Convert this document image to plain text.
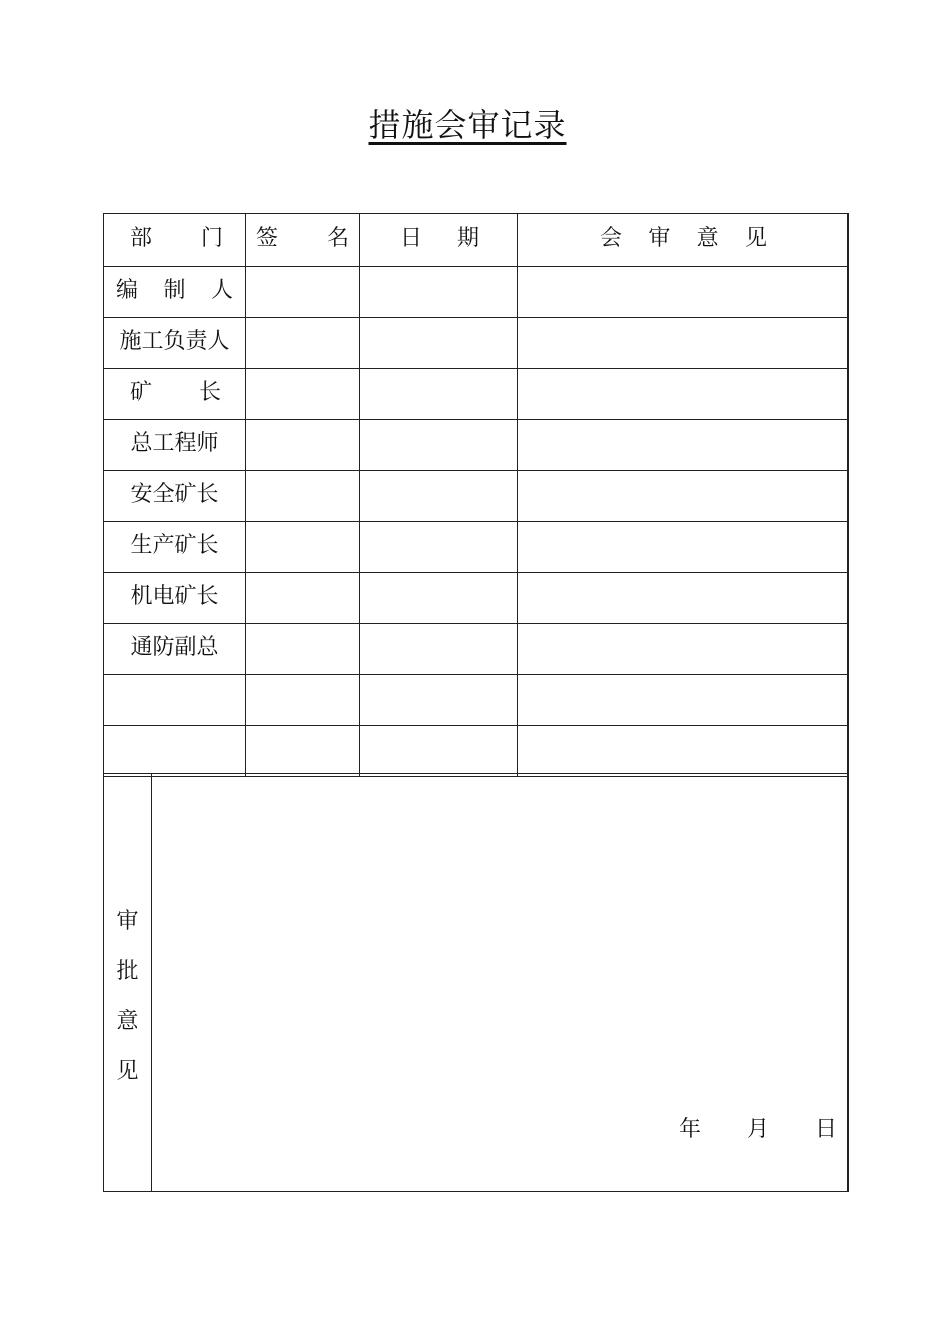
措施会审记录
部 门	签 名	日 期	会 审 意 见

编 制 人			

施工负责人			

矿 长			

总工程师			

安全矿长			

生产矿长			

机电矿长			

通防副总			

审
批
意
见

年 月 日
